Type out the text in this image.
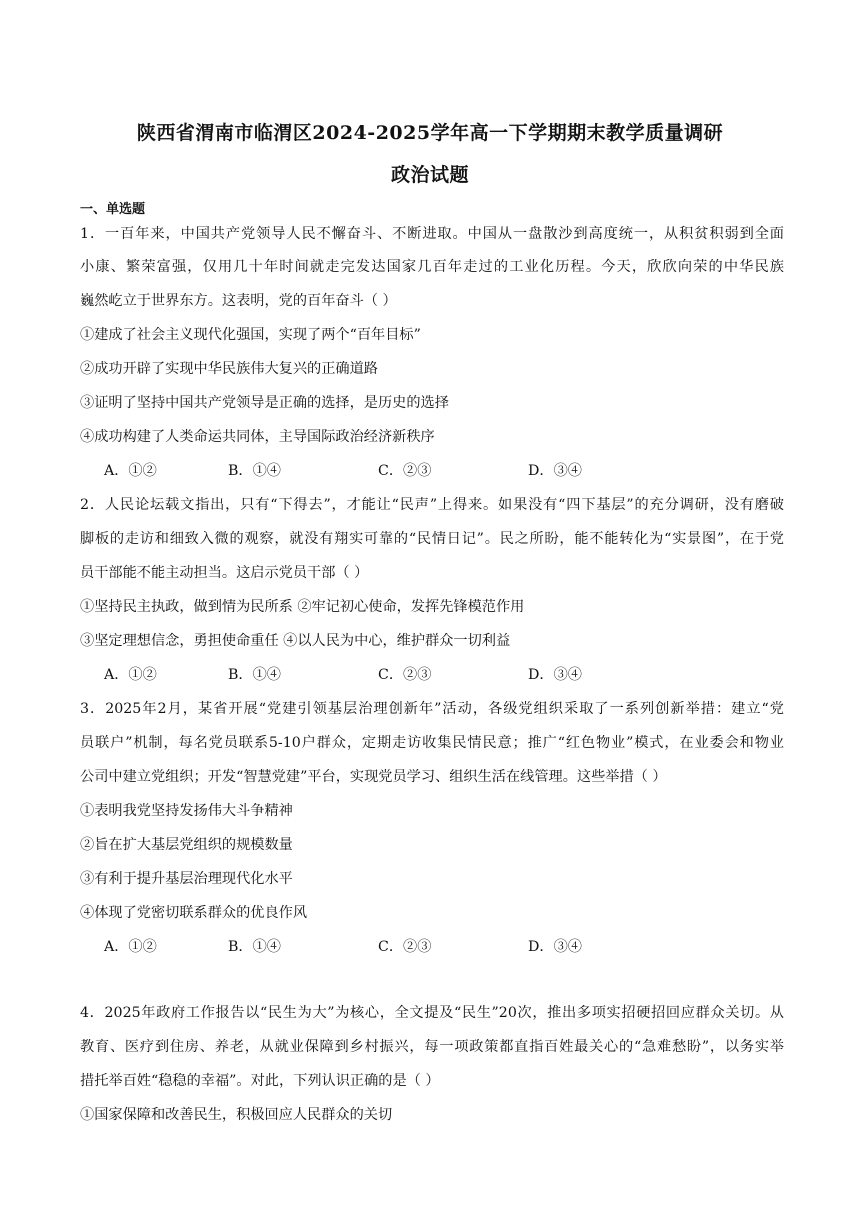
陕西省渭南市临渭区2024-2025学年高一下学期期末教学质量调研
政治试题
一、单选题
1．一百年来，中国共产党领导人民不懈奋斗、不断进取。中国从一盘散沙到高度统一，从积贫积弱到全面
小康、繁荣富强，仅用几十年时间就走完发达国家几百年走过的工业化历程。今天，欣欣向荣的中华民族
巍然屹立于世界东方。这表明，党的百年奋斗（ ）
①建成了社会主义现代化强国，实现了两个“百年目标”
②成功开辟了实现中华民族伟大复兴的正确道路
③证明了坚持中国共产党领导是正确的选择，是历史的选择
④成功构建了人类命运共同体，主导国际政治经济新秩序
A．①②	B．①④	C．②③	D．③④
2．人民论坛载文指出，只有“下得去”，才能让“民声”上得来。如果没有“四下基层”的充分调研，没有磨破
脚板的走访和细致入微的观察，就没有翔实可靠的“民情日记”。民之所盼，能不能转化为“实景图”，在于党
员干部能不能主动担当。这启示党员干部（ ）
①坚持民主执政，做到情为民所系 ②牢记初心使命，发挥先锋模范作用
③坚定理想信念，勇担使命重任 ④以人民为中心，维护群众一切利益
A．①②	B．①④	C．②③	D．③④
3．2025年2月，某省开展“党建引领基层治理创新年”活动，各级党组织采取了一系列创新举措：建立“党
员联户”机制，每名党员联系5-10户群众，定期走访收集民情民意；推广“红色物业”模式，在业委会和物业
公司中建立党组织；开发“智慧党建”平台，实现党员学习、组织生活在线管理。这些举措（ ）
①表明我党坚持发扬伟大斗争精神
②旨在扩大基层党组织的规模数量
③有利于提升基层治理现代化水平
④体现了党密切联系群众的优良作风
A．①②	B．①④	C．②③	D．③④
4．2025年政府工作报告以“民生为大”为核心，全文提及“民生”20次，推出多项实招硬招回应群众关切。从
教育、医疗到住房、养老，从就业保障到乡村振兴，每一项政策都直指百姓最关心的“急难愁盼”，以务实举
措托举百姓“稳稳的幸福”。对此，下列认识正确的是（ ）
①国家保障和改善民生，积极回应人民群众的关切
